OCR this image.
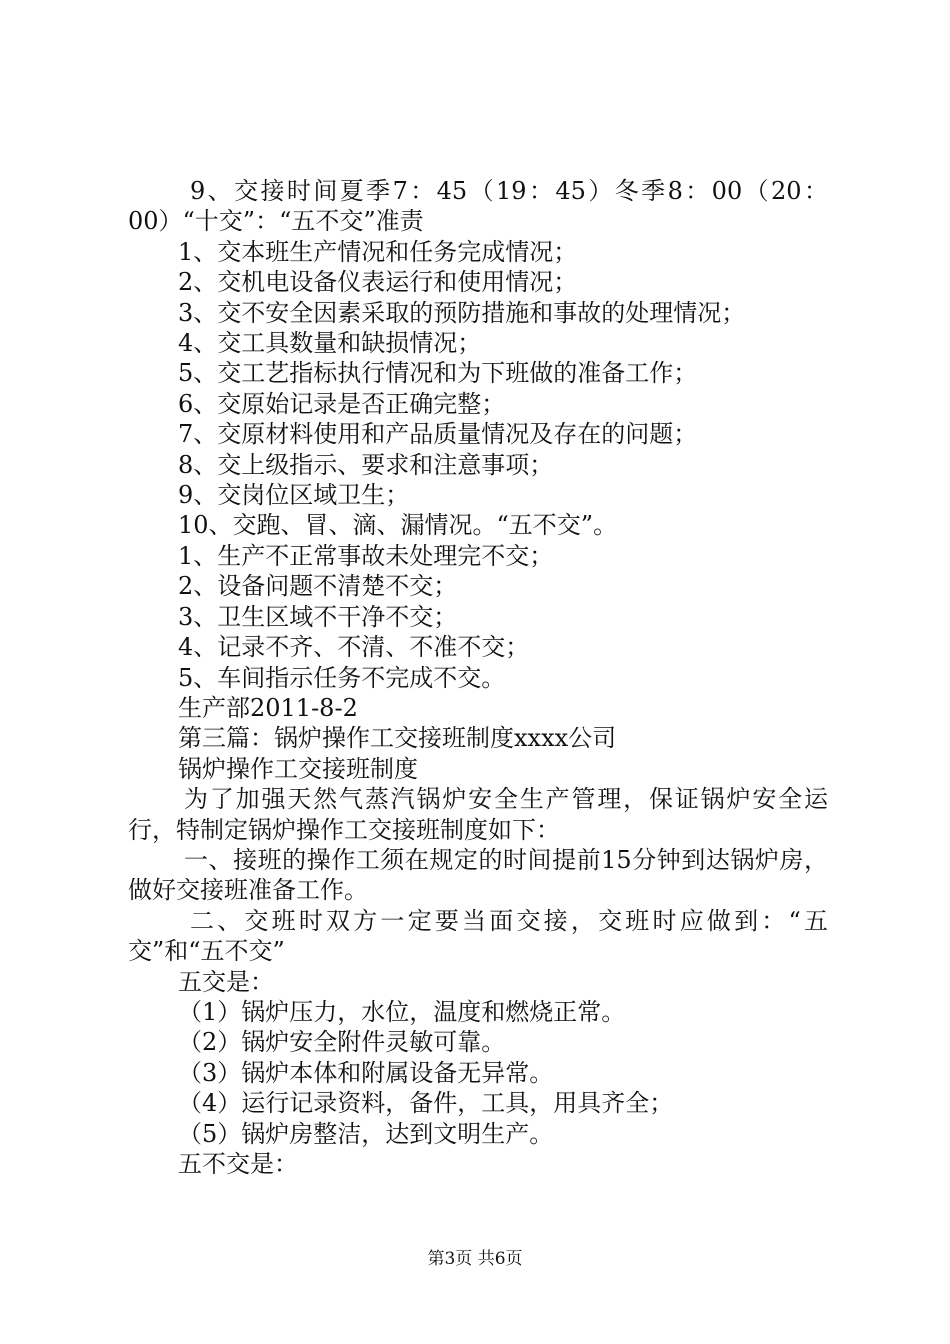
9、交接时间夏季7：45（19：45）冬季8：00（20：
00）“十交”：“五不交”准责
1、交本班生产情况和任务完成情况；
2、交机电设备仪表运行和使用情况；
3、交不安全因素采取的预防措施和事故的处理情况；
4、交工具数量和缺损情况；
5、交工艺指标执行情况和为下班做的准备工作；
6、交原始记录是否正确完整；
7、交原材料使用和产品质量情况及存在的问题；
8、交上级指示、要求和注意事项；
9、交岗位区域卫生；
10、交跑、冒、滴、漏情况。“五不交”。
1、生产不正常事故未处理完不交；
2、设备问题不清楚不交；
3、卫生区域不干净不交；
4、记录不齐、不清、不准不交；
5、车间指示任务不完成不交。
生产部2011-8-2
第三篇：锅炉操作工交接班制度xxxx公司
锅炉操作工交接班制度
为了加强天然气蒸汽锅炉安全生产管理，保证锅炉安全运
行，特制定锅炉操作工交接班制度如下：
一、接班的操作工须在规定的时间提前15分钟到达锅炉房，
做好交接班准备工作。
二、交班时双方一定要当面交接，交班时应做到：“五
交”和“五不交”
五交是：
（1）锅炉压力，水位，温度和燃烧正常。
（2）锅炉安全附件灵敏可靠。
（3）锅炉本体和附属设备无异常。
（4）运行记录资料，备件，工具，用具齐全；
（5）锅炉房整洁，达到文明生产。
五不交是：
第3页 共6页
